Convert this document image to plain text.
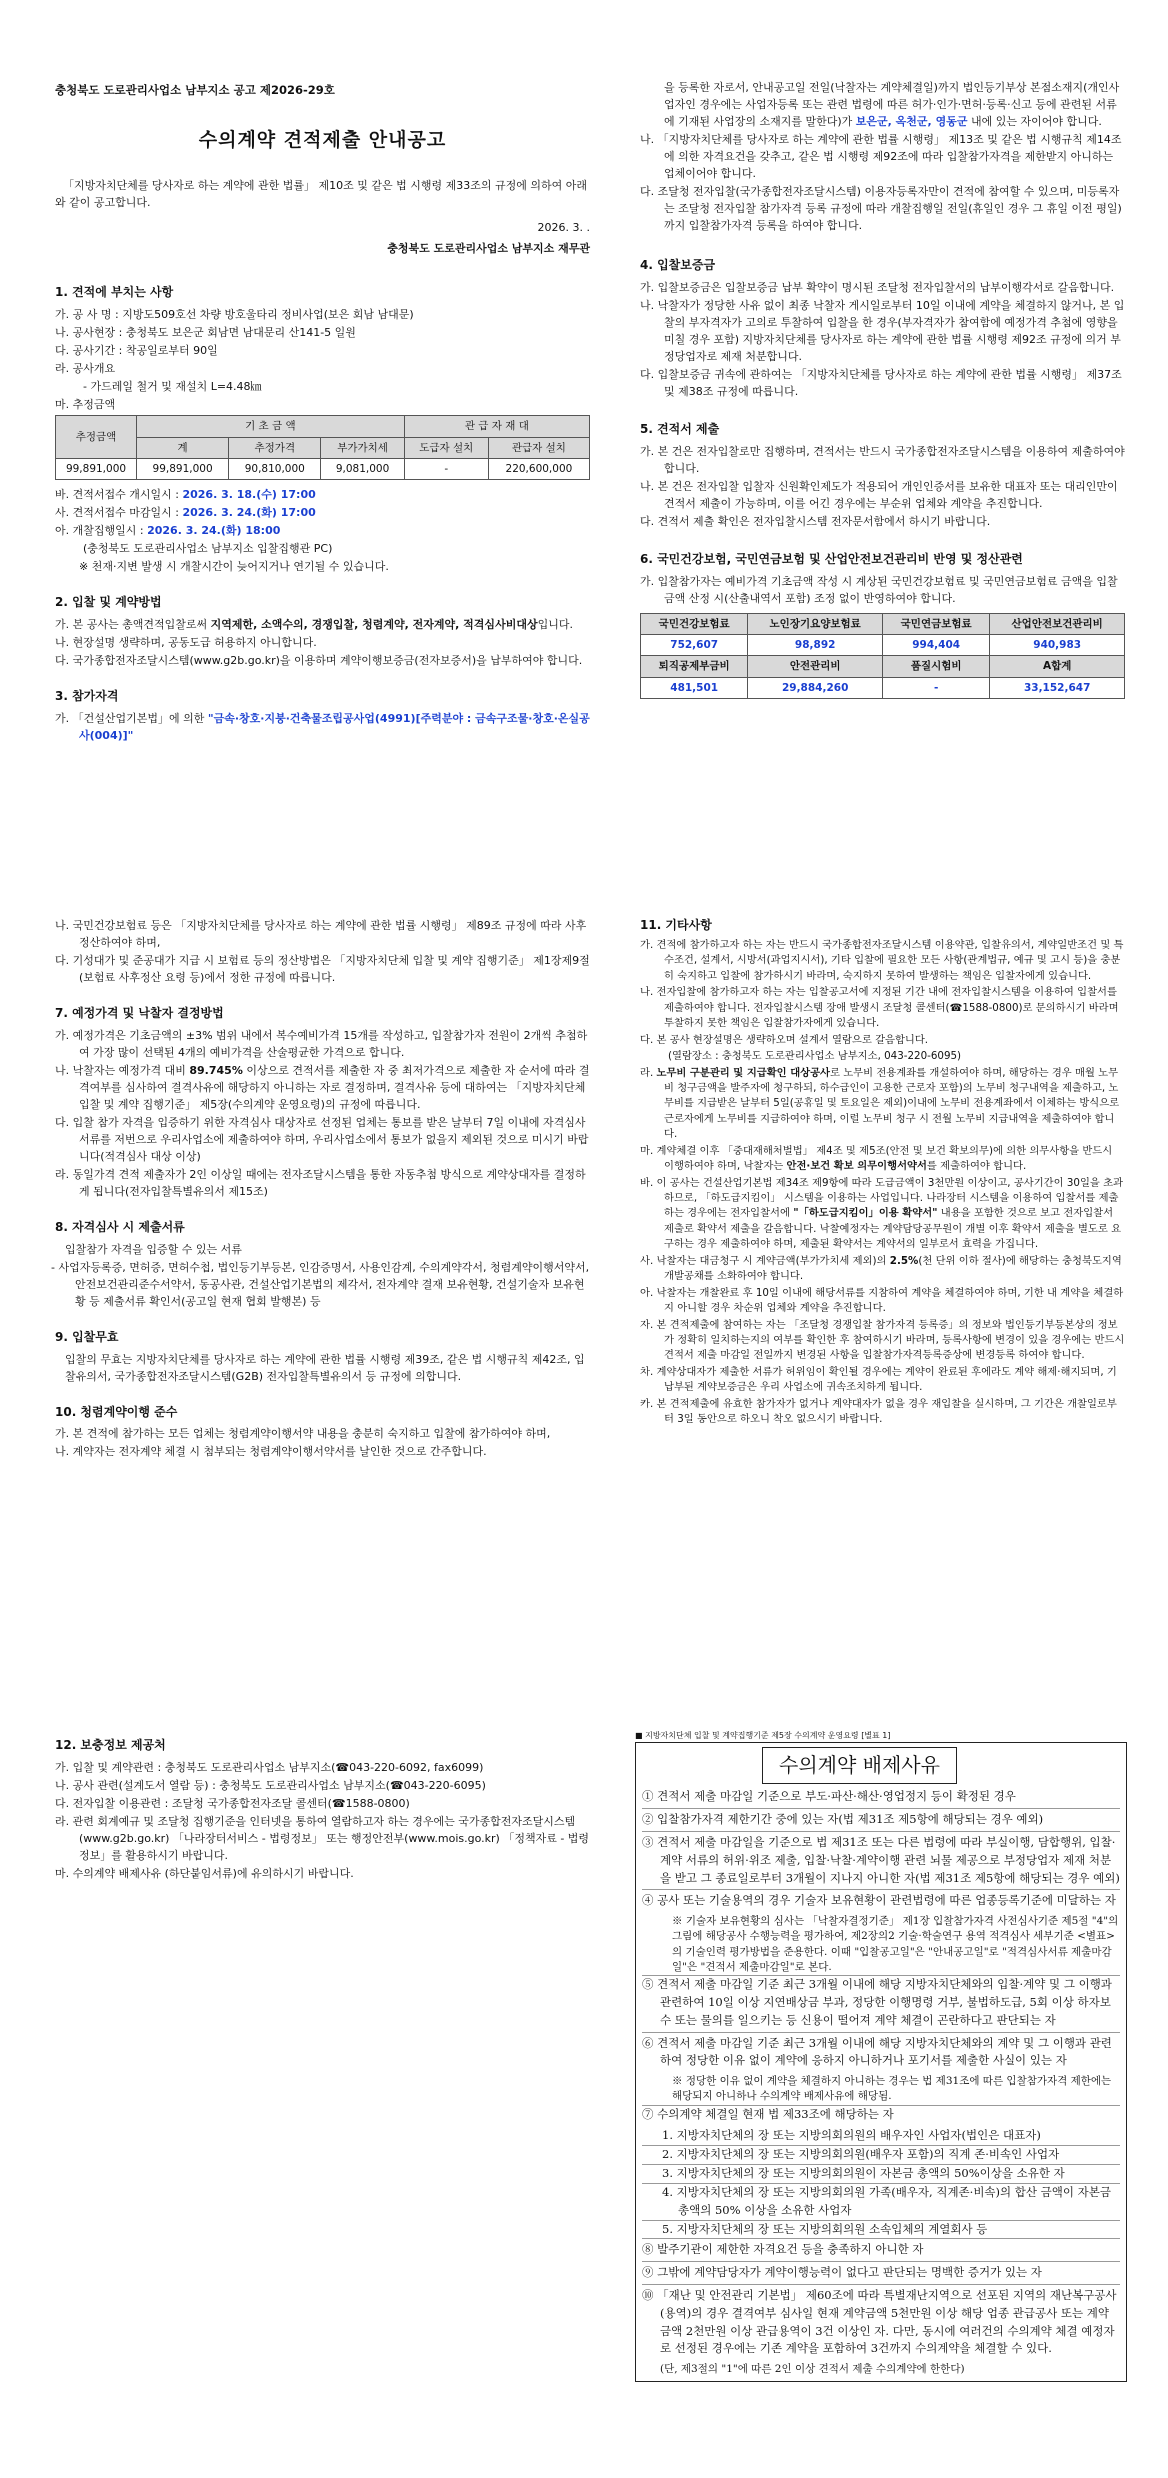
충청북도 도로관리사업소 남부지소 공고 제2026-29호

수의계약 견적제출 안내공고

「지방자치단체를 당사자로 하는 계약에 관한 법률」 제10조 및 같은 법 시행령 제33조의 규정에 의하여 아래와 같이 공고합니다.

2026. 3. .

충청북도 도로관리사업소 남부지소 재무관

1. 견적에 부치는 사항

가. 공 사 명 : 지방도509호선 차량 방호울타리 정비사업(보은 회남 남대문)

나. 공사현장 : 충청북도 보은군 회남면 남대문리 산141-5 일원

다. 공사기간 : 착공일로부터 90일

라. 공사개요

- 가드레일 철거 및 재설치 L=4.48㎞

마. 추정금액

추정금액	기 초 금 액			관 급 자 재 대	
	계	추정가격	부가가치세	도급자 설치	관급자 설치
99,891,000	99,891,000	90,810,000	9,081,000	-	220,600,000

바. 견적서접수 개시일시 : 2026. 3. 18.(수) 17:00

사. 견적서접수 마감일시 : 2026. 3. 24.(화) 17:00

아. 개찰집행일시 : 2026. 3. 24.(화) 18:00

(충청북도 도로관리사업소 남부지소 입찰집행관 PC)

※ 천재·지변 발생 시 개찰시간이 늦어지거나 연기될 수 있습니다.

2. 입찰 및 계약방법

가. 본 공사는 총액견적입찰로써 지역제한, 소액수의, 경쟁입찰, 청렴계약, 전자계약, 적격심사비대상입니다.

나. 현장설명 생략하며, 공동도급 허용하지 아니합니다.

다. 국가종합전자조달시스템(www.g2b.go.kr)을 이용하며 계약이행보증금(전자보증서)을 납부하여야 합니다.

3. 참가자격

가. 「건설산업기본법」에 의한 "금속·창호·지붕·건축물조립공사업(4991)[주력분야 : 금속구조물·창호·온실공사(004)]"

을 등록한 자로서, 안내공고일 전일(낙찰자는 계약체결일)까지 법인등기부상 본점소재지(개인사업자인 경우에는 사업자등록 또는 관련 법령에 따른 허가·인가·면허·등록·신고 등에 관련된 서류에 기재된 사업장의 소재지를 말한다)가 보은군, 옥천군, 영동군 내에 있는 자이어야 합니다.

나. 「지방자치단체를 당사자로 하는 계약에 관한 법률 시행령」 제13조 및 같은 법 시행규칙 제14조에 의한 자격요건을 갖추고, 같은 법 시행령 제92조에 따라 입찰참가자격을 제한받지 아니하는 업체이어야 합니다.

다. 조달청 전자입찰(국가종합전자조달시스템) 이용자등록자만이 견적에 참여할 수 있으며, 미등록자는 조달청 전자입찰 참가자격 등록 규정에 따라 개찰집행일 전일(휴일인 경우 그 휴일 이전 평일)까지 입찰참가자격 등록을 하여야 합니다.

4. 입찰보증금

가. 입찰보증금은 입찰보증금 납부 확약이 명시된 조달청 전자입찰서의 납부이행각서로 갈음합니다.

나. 낙찰자가 정당한 사유 없이 최종 낙찰자 게시일로부터 10일 이내에 계약을 체결하지 않거나, 본 입찰의 부자격자가 고의로 투찰하여 입찰을 한 경우(부자격자가 참여함에 예정가격 추첨에 영향을 미칠 경우 포함) 지방자치단체를 당사자로 하는 계약에 관한 법률 시행령 제92조 규정에 의거 부정당업자로 제재 처분합니다.

다. 입찰보증금 귀속에 관하여는 「지방자치단체를 당사자로 하는 계약에 관한 법률 시행령」 제37조 및 제38조 규정에 따릅니다.

5. 견적서 제출

가. 본 건은 전자입찰로만 집행하며, 견적서는 반드시 국가종합전자조달시스템을 이용하여 제출하여야 합니다.

나. 본 건은 전자입찰 입찰자 신원확인제도가 적용되어 개인인증서를 보유한 대표자 또는 대리인만이 견적서 제출이 가능하며, 이를 어긴 경우에는 부순위 업체와 계약을 추진합니다.

다. 견적서 제출 확인은 전자입찰시스템 전자문서함에서 하시기 바랍니다.

6. 국민건강보험, 국민연금보험 및 산업안전보건관리비 반영 및 정산관련

가. 입찰참가자는 예비가격 기초금액 작성 시 계상된 국민건강보험료 및 국민연금보험료 금액을 입찰금액 산정 시(산출내역서 포함) 조정 없이 반영하여야 합니다.

국민건강보험료	노인장기요양보험료	국민연금보험료	산업안전보건관리비
752,607	98,892	994,404	940,983
퇴직공제부금비	안전관리비	품질시험비	A합계
481,501	29,884,260	-	33,152,647

나. 국민건강보험료 등은 「지방자치단체를 당사자로 하는 계약에 관한 법률 시행령」 제89조 규정에 따라 사후 정산하여야 하며,

다. 기성대가 및 준공대가 지급 시 보험료 등의 정산방법은 「지방자치단체 입찰 및 계약 집행기준」 제1장제9절(보험료 사후정산 요령 등)에서 정한 규정에 따릅니다.

7. 예정가격 및 낙찰자 결정방법

가. 예정가격은 기초금액의 ±3% 범위 내에서 복수예비가격 15개를 작성하고, 입찰참가자 전원이 2개씩 추첨하여 가장 많이 선택된 4개의 예비가격을 산술평균한 가격으로 합니다.

나. 낙찰자는 예정가격 대비 89.745% 이상으로 견적서를 제출한 자 중 최저가격으로 제출한 자 순서에 따라 결격여부를 심사하여 결격사유에 해당하지 아니하는 자로 결정하며, 결격사유 등에 대하여는 「지방자치단체 입찰 및 계약 집행기준」 제5장(수의계약 운영요령)의 규정에 따릅니다.

다. 입찰 참가 자격을 입증하기 위한 자격심사 대상자로 선정된 업체는 통보를 받은 날부터 7일 이내에 자격심사 서류를 저번으로 우리사업소에 제출하여야 하며, 우리사업소에서 통보가 없을지 제외된 것으로 미시기 바랍니다(적격심사 대상 이상)

라. 동일가격 견적 제출자가 2인 이상일 때에는 전자조달시스템을 통한 자동추첨 방식으로 계약상대자를 결정하게 됩니다(전자입찰특별유의서 제15조)

8. 자격심사 시 제출서류

입찰참가 자격을 입증할 수 있는 서류

- 사업자등록증, 면허증, 면허수첩, 법인등기부등본, 인감증명서, 사용인감계, 수의계약각서, 청렴계약이행서약서, 안전보건관리준수서약서, 동공사관, 건설산업기본법의 제각서, 전자계약 결재 보유현황, 건설기술자 보유현황 등 제출서류 확인서(공고일 현재 협회 발행본) 등

9. 입찰무효

입찰의 무효는 지방자치단체를 당사자로 하는 계약에 관한 법률 시행령 제39조, 같은 법 시행규칙 제42조, 입찰유의서, 국가종합전자조달시스템(G2B) 전자입찰특별유의서 등 규정에 의합니다.

10. 청렴계약이행 준수

가. 본 견적에 참가하는 모든 업체는 청렴계약이행서약 내용을 충분히 숙지하고 입찰에 참가하여야 하며,

나. 계약자는 전자계약 체결 시 첨부되는 청렴계약이행서약서를 날인한 것으로 간주합니다.

11. 기타사항

가. 견적에 참가하고자 하는 자는 반드시 국가종합전자조달시스템 이용약관, 입찰유의서, 계약일반조건 및 특수조건, 설계서, 시방서(과업지시서), 기타 입찰에 필요한 모든 사항(관계법규, 예규 및 고시 등)을 충분히 숙지하고 입찰에 참가하시기 바라며, 숙지하지 못하여 발생하는 책임은 입찰자에게 있습니다.

나. 전자입찰에 참가하고자 하는 자는 입찰공고서에 지정된 기간 내에 전자입찰시스템을 이용하여 입찰서를 제출하여야 합니다. 전자입찰시스템 장애 발생시 조달청 콜센터(☎1588-0800)로 문의하시기 바라며 투찰하지 못한 책임은 입찰참가자에게 있습니다.

다. 본 공사 현장설명은 생략하오며 설계서 열람으로 갈음합니다.

(열람장소 : 충청북도 도로관리사업소 남부지소, 043-220-6095)

라. 노무비 구분관리 및 지급확인 대상공사로 노무비 전용계좌를 개설하여야 하며, 해당하는 경우 매월 노무비 청구금액을 발주자에 청구하되, 하수급인이 고용한 근로자 포함)의 노무비 청구내역을 제출하고, 노무비를 지급받은 날부터 5일(공휴일 및 토요일은 제외)이내에 노무비 전용계좌에서 이체하는 방식으로 근로자에게 노무비를 지급하여야 하며, 이럴 노무비 청구 시 전월 노무비 지급내역을 제출하여야 합니다.

마. 계약체결 이후 「중대재해처벌법」 제4조 및 제5조(안전 및 보건 확보의무)에 의한 의무사항을 반드시 이행하여야 하며, 낙찰자는 안전·보건 확보 의무이행서약서를 제출하여야 합니다.

바. 이 공사는 건설산업기본법 제34조 제9항에 따라 도급금액이 3천만원 이상이고, 공사기간이 30일을 초과하므로, 「하도급지킴이」 시스템을 이용하는 사업입니다. 나라장터 시스템을 이용하여 입찰서를 제출하는 경우에는 전자입찰서에 "「하도급지킴이」이용 확약서" 내용을 포함한 것으로 보고 전자입찰서 제출로 확약서 제출을 갈음합니다. 낙찰예정자는 계약담당공무원이 개별 이후 확약서 제출을 별도로 요구하는 경우 제출하여야 하며, 제출된 확약서는 계약서의 일부로서 효력을 가집니다.

사. 낙찰자는 대금청구 시 계약금액(부가가치세 제외)의 2.5%(천 단위 이하 절사)에 해당하는 충청북도지역개발공채를 소화하여야 합니다.

아. 낙찰자는 개찰완료 후 10일 이내에 해당서류를 지참하여 계약을 체결하여야 하며, 기한 내 계약을 체결하지 아니할 경우 차순위 업체와 계약을 추진합니다.

자. 본 견적제출에 참여하는 자는 「조달청 경쟁입찰 참가자격 등록증」의 정보와 법인등기부등본상의 정보가 정확히 일치하는지의 여부를 확인한 후 참여하시기 바라며, 등록사항에 변경이 있을 경우에는 반드시 견적서 제출 마감일 전일까지 변경된 사항을 입찰참가자격등록증상에 변경등록 하여야 합니다.

차. 계약상대자가 제출한 서류가 허위임이 확인될 경우에는 계약이 완료된 후에라도 계약 해제·해지되며, 기납부된 계약보증금은 우리 사업소에 귀속조치하게 됩니다.

카. 본 견적제출에 유효한 참가자가 없거나 계약대자가 없을 경우 재입찰을 실시하며, 그 기간은 개찰일로부터 3일 동안으로 하오니 착오 없으시기 바랍니다.

12. 보충정보 제공처

가. 입찰 및 계약관련 : 충청북도 도로관리사업소 남부지소(☎043-220-6092, fax6099)

나. 공사 관련(설계도서 열람 등) : 충청북도 도로관리사업소 남부지소(☎043-220-6095)

다. 전자입찰 이용관련 : 조달청 국가종합전자조달 콜센터(☎1588-0800)

라. 관련 회계예규 및 조달청 집행기준을 인터넷을 통하여 열람하고자 하는 경우에는 국가종합전자조달시스템(www.g2b.go.kr) 「나라장터서비스 - 법령정보」 또는 행정안전부(www.mois.go.kr) 「정책자료 - 법령정보」를 활용하시기 바랍니다.

마. 수의계약 배제사유 (하단붙임서류)에 유의하시기 바랍니다.

■ 지방자치단체 입찰 및 계약집행기준 제5장 수의계약 운영요령 [별표 1]

수의계약 배제사유

① 견적서 제출 마감일 기준으로 부도·파산·해산·영업정지 등이 확정된 경우

② 입찰참가자격 제한기간 중에 있는 자(법 제31조 제5항에 해당되는 경우 예외)

③ 견적서 제출 마감일을 기준으로 법 제31조 또는 다른 법령에 따라 부실이행, 담합행위, 입찰·계약 서류의 허위·위조 제출, 입찰·낙찰·계약이행 관련 뇌물 제공으로 부정당업자 제재 처분을 받고 그 종료일로부터 3개월이 지나지 아니한 자(법 제31조 제5항에 해당되는 경우 예외)

④ 공사 또는 기술용역의 경우 기술자 보유현황이 관련법령에 따른 업종등록기준에 미달하는 자

※ 기술자 보유현황의 심사는 「낙찰자결정기준」 제1장 입찰참가자격 사전심사기준 제5절 "4"의 그림에 해당공사 수행능력을 평가하여, 제2장의2 기술·학술연구 용역 적격심사 세부기준 <별표>의 기술인력 평가방법을 준용한다. 이때 "입찰공고일"은 "안내공고일"로 "적격심사서류 제출마감일"은 "견적서 제출마감일"로 본다.

⑤ 견적서 제출 마감일 기준 최근 3개월 이내에 해당 지방자치단체와의 입찰·계약 및 그 이행과 관련하여 10일 이상 지연배상금 부과, 정당한 이행명령 거부, 불법하도급, 5회 이상 하자보수 또는 물의를 일으키는 등 신용이 떨어져 계약 체결이 곤란하다고 판단되는 자

⑥ 견적서 제출 마감일 기준 최근 3개월 이내에 해당 지방자치단체와의 계약 및 그 이행과 관련하여 정당한 이유 없이 계약에 응하지 아니하거나 포기서를 제출한 사실이 있는 자

※ 정당한 이유 없이 계약을 체결하지 아니하는 경우는 법 제31조에 따른 입찰참가자격 제한에는 해당되지 아니하나 수의계약 배제사유에 해당됨.

⑦ 수의계약 체결일 현재 법 제33조에 해당하는 자

1. 지방자치단체의 장 또는 지방의회의원의 배우자인 사업자(법인은 대표자)

2. 지방자치단체의 장 또는 지방의회의원(배우자 포함)의 직계 존·비속인 사업자

3. 지방자치단체의 장 또는 지방의회의원이 자본금 총액의 50%이상을 소유한 자

4. 지방자치단체의 장 또는 지방의회의원 가족(배우자, 직계존·비속)의 합산 금액이 자본금 총액의 50% 이상을 소유한 사업자

5. 지방자치단체의 장 또는 지방의회의원 소속입체의 계열회사 등

⑧ 발주기관이 제한한 자격요건 등을 충족하지 아니한 자

⑨ 그밖에 계약담당자가 계약이행능력이 없다고 판단되는 명백한 증거가 있는 자

⑩ 「재난 및 안전관리 기본법」 제60조에 따라 특별재난지역으로 선포된 지역의 재난복구공사(용역)의 경우 결격여부 심사일 현재 계약금액 5천만원 이상 해당 업종 관급공사 또는 계약금액 2천만원 이상 관급용역이 3건 이상인 자. 다만, 동시에 여러건의 수의계약 체결 예정자로 선정된 경우에는 기존 계약을 포함하여 3건까지 수의계약을 체결할 수 있다.

(단, 제3절의 "1"에 따른 2인 이상 견적서 제출 수의계약에 한한다)
